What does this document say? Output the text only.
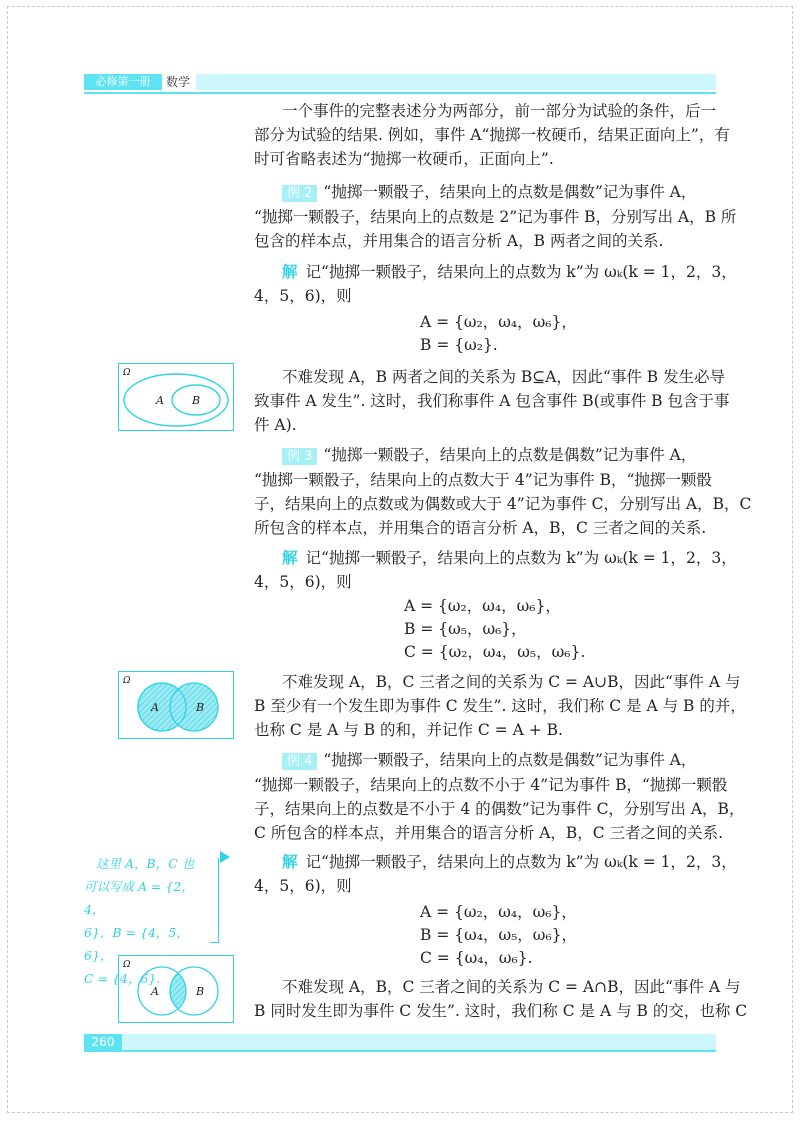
必修第一册	数学
一个事件的完整表述分为两部分，前一部分为试验的条件，后一
部分为试验的结果. 例如，事件 A“抛掷一枚硬币，结果正面向上”，有
时可省略表述为“抛掷一枚硬币，正面向上”.
例 2 “抛掷一颗骰子，结果向上的点数是偶数”记为事件 A，
“抛掷一颗骰子，结果向上的点数是 2”记为事件 B，分别写出 A，B 所
包含的样本点，并用集合的语言分析 A，B 两者之间的关系.
解 记“抛掷一颗骰子，结果向上的点数为 k”为 ωₖ(k = 1，2，3，
4，5，6)，则
A = {ω₂，ω₄，ω₆}，
B = {ω₂}.
不难发现 A，B 两者之间的关系为 B⊆A，因此“事件 B 发生必导
致事件 A 发生”. 这时，我们称事件 A 包含事件 B(或事件 B 包含于事
件 A).
Ω
A	B
例 3 “抛掷一颗骰子，结果向上的点数是偶数”记为事件 A，
“抛掷一颗骰子，结果向上的点数大于 4”记为事件 B，“抛掷一颗骰
子，结果向上的点数或为偶数或大于 4”记为事件 C，分别写出 A，B，C
所包含的样本点，并用集合的语言分析 A，B，C 三者之间的关系.
解 记“抛掷一颗骰子，结果向上的点数为 k”为 ωₖ(k = 1，2，3，
4，5，6)，则
A = {ω₂，ω₄，ω₆}，
B = {ω₅，ω₆}，
C = {ω₂，ω₄，ω₅，ω₆}.
不难发现 A，B，C 三者之间的关系为 C = A∪B，因此“事件 A 与
B 至少有一个发生即为事件 C 发生”. 这时，我们称 C 是 A 与 B 的并，
也称 C 是 A 与 B 的和，并记作 C = A + B.
Ω
A	B
例 4 “抛掷一颗骰子，结果向上的点数是偶数”记为事件 A，
“抛掷一颗骰子，结果向上的点数不小于 4”记为事件 B，“抛掷一颗骰
子，结果向上的点数是不小于 4 的偶数”记为事件 C，分别写出 A，B，
C 所包含的样本点，并用集合的语言分析 A，B，C 三者之间的关系.
解 记“抛掷一颗骰子，结果向上的点数为 k”为 ωₖ(k = 1，2，3，
4，5，6)，则
A = {ω₂，ω₄，ω₆}，
B = {ω₄，ω₅，ω₆}，
C = {ω₄，ω₆}.
不难发现 A，B，C 三者之间的关系为 C = A∩B，因此“事件 A 与
B 同时发生即为事件 C 发生”. 这时，我们称 C 是 A 与 B 的交，也称 C
这里 A，B，C 也
可以写成 A = {2，4，
6}，B = {4，5，6}，
C = {4，6}.
Ω
A	B
260
